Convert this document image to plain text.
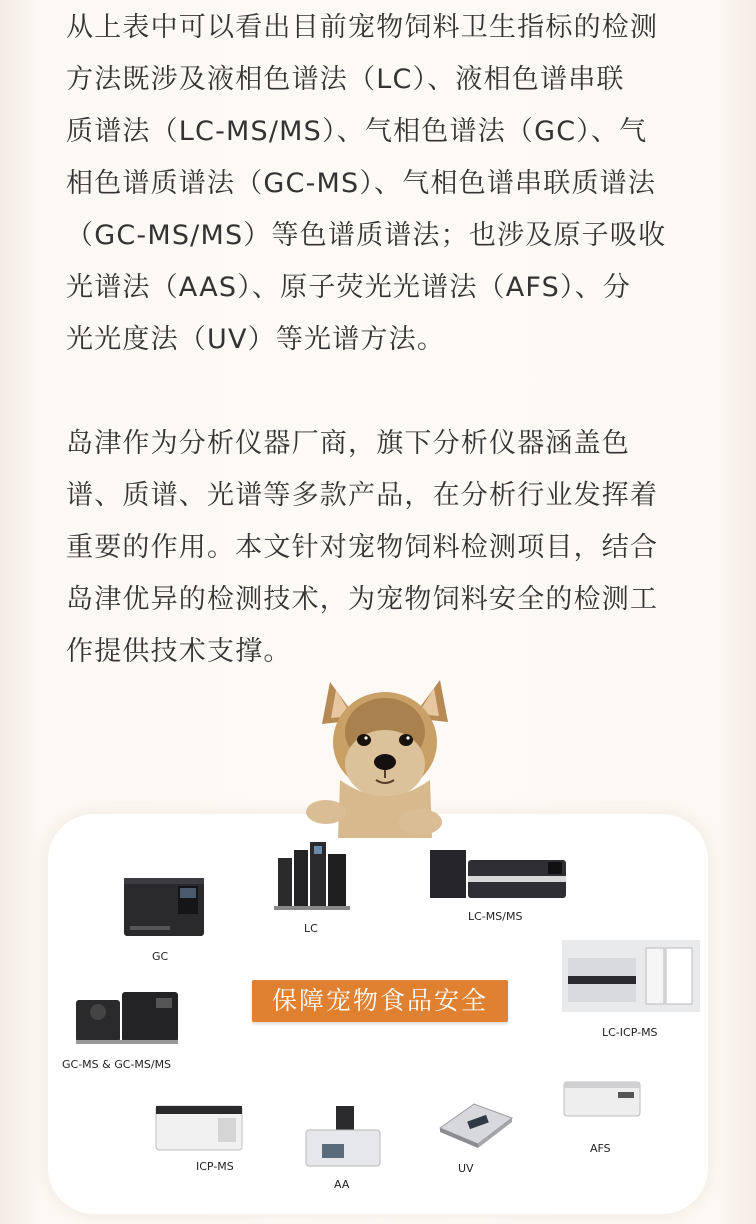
从上表中可以看出目前宠物饲料卫生指标的检测
方法既涉及液相色谱法（LC）、液相色谱串联
质谱法（LC-MS/MS）、气相色谱法（GC）、气
相色谱质谱法（GC-MS）、气相色谱串联质谱法
（GC-MS/MS）等色谱质谱法；也涉及原子吸收
光谱法（AAS）、原子荧光光谱法（AFS）、分
光光度法（UV）等光谱方法。
岛津作为分析仪器厂商，旗下分析仪器涵盖色
谱、质谱、光谱等多款产品，在分析行业发挥着
重要的作用。本文针对宠物饲料检测项目，结合
岛津优异的检测技术，为宠物饲料安全的检测工
作提供技术支撑。
GC
LC
LC-MS/MS
LC-ICP-MS
GC-MS & GC-MS/MS
ICP-MS
AA
UV
AFS
保障宠物食品安全
